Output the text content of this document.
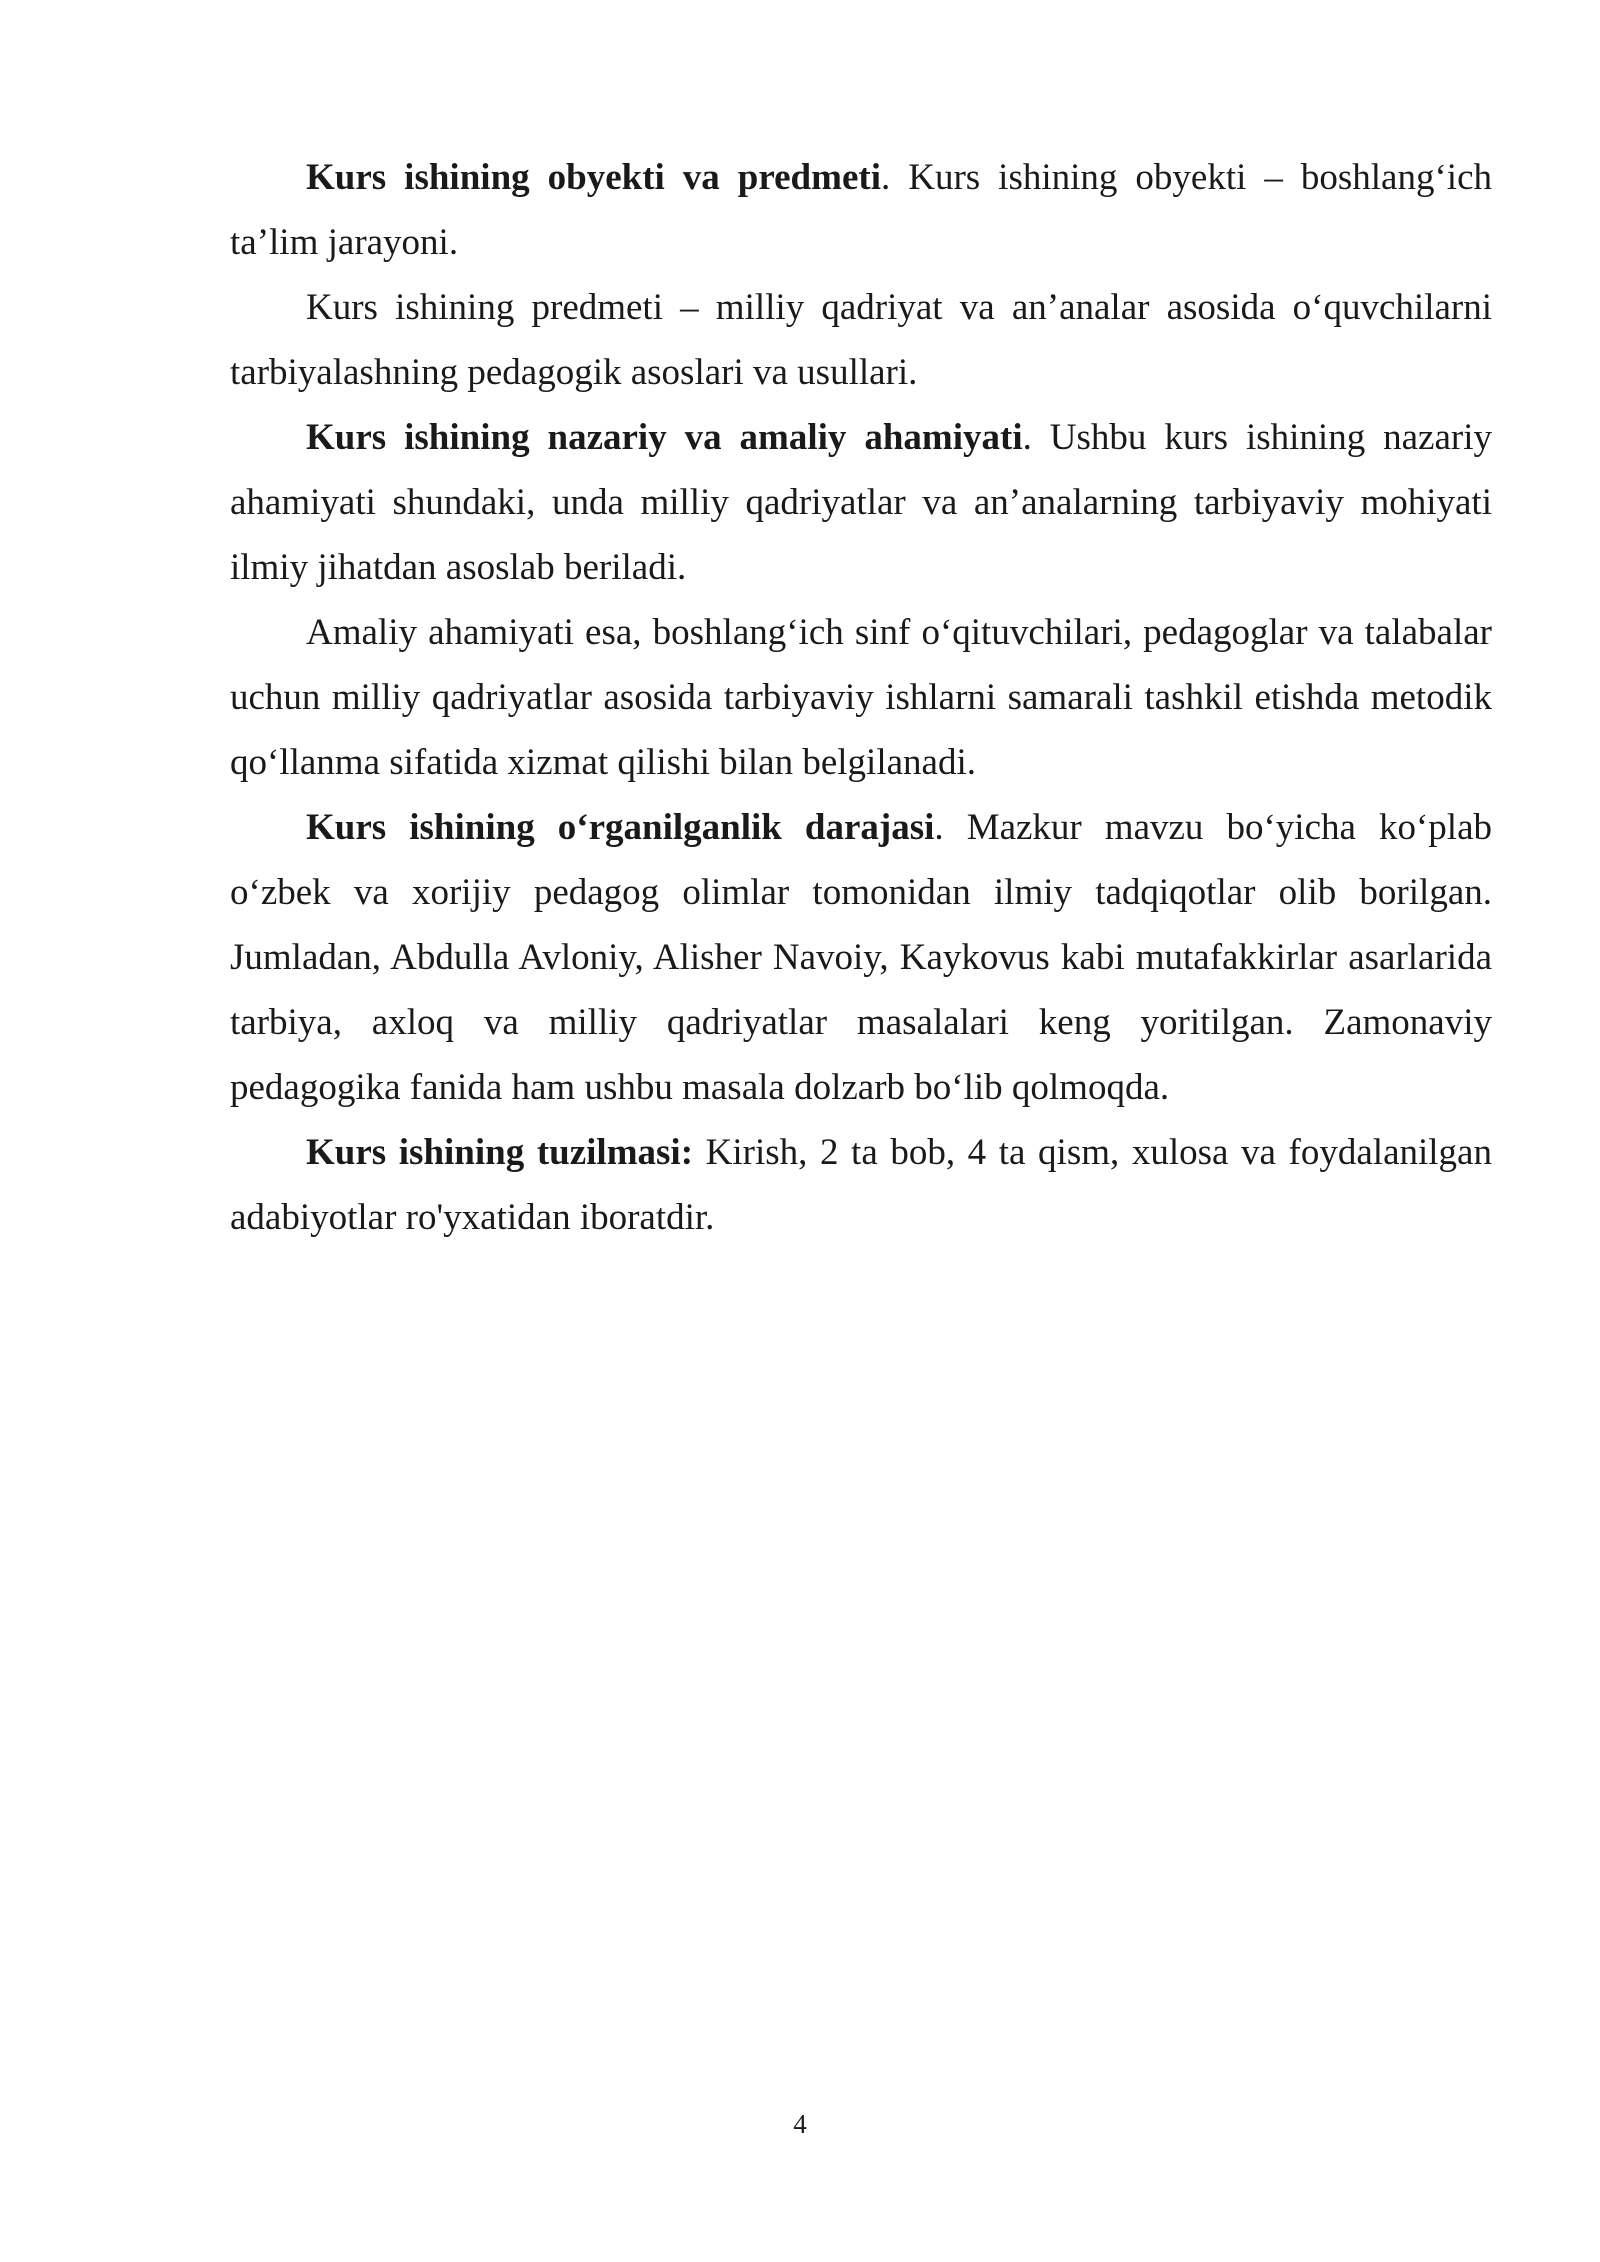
Kurs ishining obyekti va predmeti. Kurs ishining obyekti – boshlang‘ich ta’lim jarayoni.

Kurs ishining predmeti – milliy qadriyat va an’analar asosida o‘quvchilarni tarbiyalashning pedagogik asoslari va usullari.

Kurs ishining nazariy va amaliy ahamiyati. Ushbu kurs ishining nazariy ahamiyati shundaki, unda milliy qadriyatlar va an’analarning tarbiyaviy mohiyati ilmiy jihatdan asoslab beriladi.

Amaliy ahamiyati esa, boshlang‘ich sinf o‘qituvchilari, pedagoglar va talabalar uchun milliy qadriyatlar asosida tarbiyaviy ishlarni samarali tashkil etishda metodik qo‘llanma sifatida xizmat qilishi bilan belgilanadi.

Kurs ishining o‘rganilganlik darajasi. Mazkur mavzu bo‘yicha ko‘plab o‘zbek va xorijiy pedagog olimlar tomonidan ilmiy tadqiqotlar olib borilgan. Jumladan, Abdulla Avloniy, Alisher Navoiy, Kaykovus kabi mutafakkirlar asarlarida tarbiya, axloq va milliy qadriyatlar masalalari keng yoritilgan. Zamonaviy pedagogika fanida ham ushbu masala dolzarb bo‘lib qolmoqda.

Kurs ishining tuzilmasi: Kirish, 2 ta bob, 4 ta qism, xulosa va foydalanilgan adabiyotlar ro'yxatidan iboratdir.

4
